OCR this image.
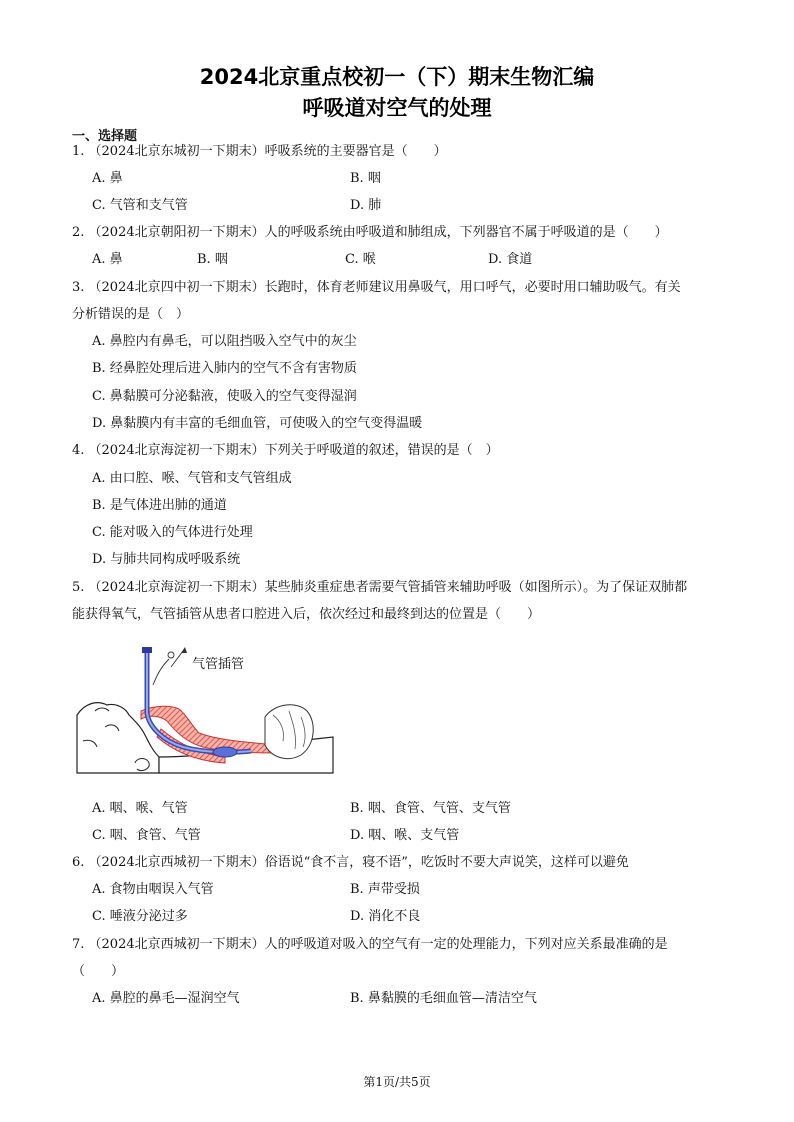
2024北京重点校初一（下）期末生物汇编
呼吸道对空气的处理
一、选择题
1. （2024北京东城初一下期末）呼吸系统的主要器官是（　　）
A. 鼻	B. 咽
C. 气管和支气管	D. 肺
2. （2024北京朝阳初一下期末）人的呼吸系统由呼吸道和肺组成，下列器官不属于呼吸道的是（　　）
A. 鼻	B. 咽	C. 喉	D. 食道
3. （2024北京四中初一下期末）长跑时，体育老师建议用鼻吸气，用口呼气，必要时用口辅助吸气。有关
分析错误的是（　）
A. 鼻腔内有鼻毛，可以阻挡吸入空气中的灰尘
B. 经鼻腔处理后进入肺内的空气不含有害物质
C. 鼻黏膜可分泌黏液，使吸入的空气变得湿润
D. 鼻黏膜内有丰富的毛细血管，可使吸入的空气变得温暖
4. （2024北京海淀初一下期末）下列关于呼吸道的叙述，错误的是（　）
A. 由口腔、喉、气管和支气管组成
B. 是气体进出肺的通道
C. 能对吸入的气体进行处理
D. 与肺共同构成呼吸系统
5. （2024北京海淀初一下期末）某些肺炎重症患者需要气管插管来辅助呼吸（如图所示）。为了保证双肺都
能获得氧气，气管插管从患者口腔进入后，依次经过和最终到达的位置是（　　）
气管插管
A. 咽、喉、气管	B. 咽、食管、气管、支气管
C. 咽、食管、气管	D. 咽、喉、支气管
6. （2024北京西城初一下期末）俗语说“食不言，寝不语”，吃饭时不要大声说笑，这样可以避免
A. 食物由咽误入气管	B. 声带受损
C. 唾液分泌过多	D. 消化不良
7. （2024北京西城初一下期末）人的呼吸道对吸入的空气有一定的处理能力，下列对应关系最准确的是
（　　）
A. 鼻腔的鼻毛—湿润空气	B. 鼻黏膜的毛细血管—清洁空气
第1页/共5页
